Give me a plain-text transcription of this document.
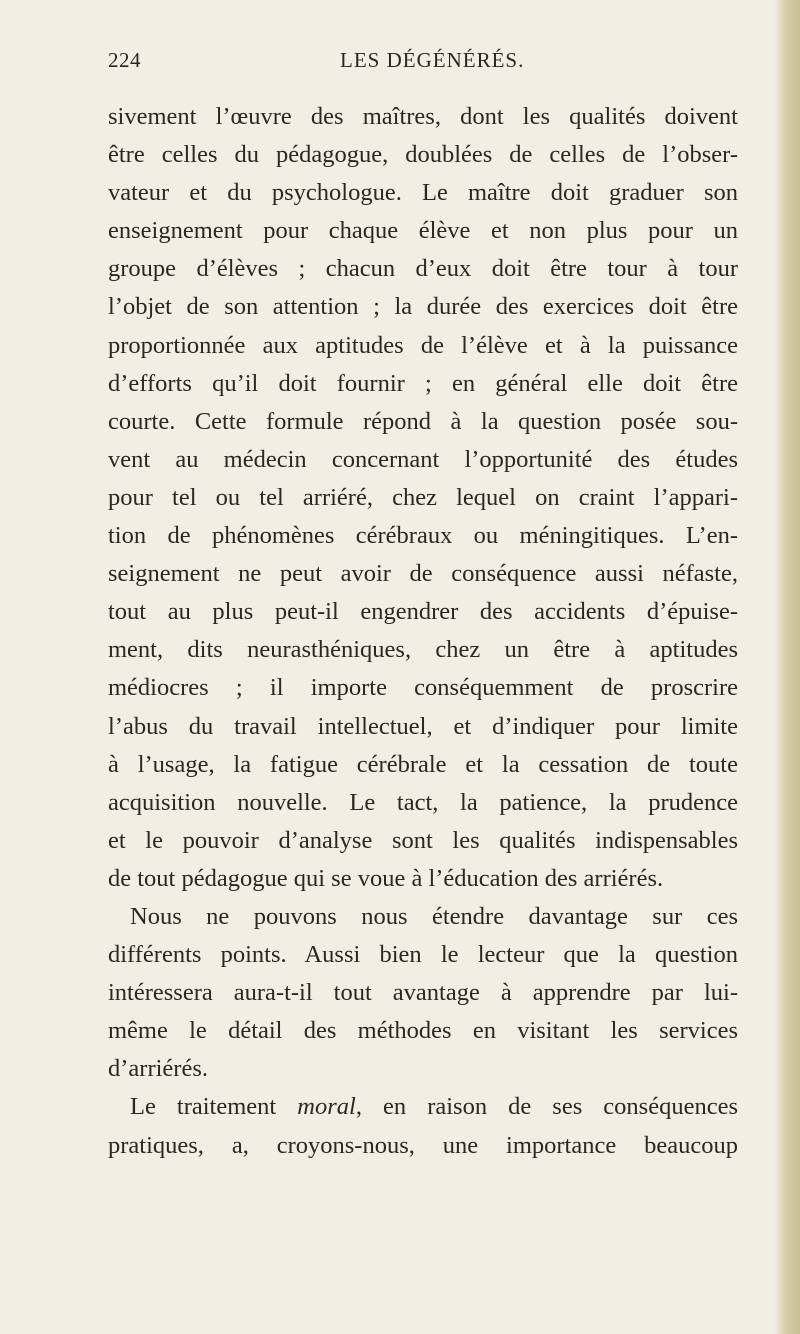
224	LES DÉGÉNÉRÉS.
sivement l’œuvre des maîtres, dont les qualités doivent
être celles du pédagogue, doublées de celles de l’obser-
vateur et du psychologue. Le maître doit graduer son
enseignement pour chaque élève et non plus pour un
groupe d’élèves ; chacun d’eux doit être tour à tour
l’objet de son attention ; la durée des exercices doit être
proportionnée aux aptitudes de l’élève et à la puissance
d’efforts qu’il doit fournir ; en général elle doit être
courte. Cette formule répond à la question posée sou-
vent au médecin concernant l’opportunité des études
pour tel ou tel arriéré, chez lequel on craint l’appari-
tion de phénomènes cérébraux ou méningitiques. L’en-
seignement ne peut avoir de conséquence aussi néfaste,
tout au plus peut-il engendrer des accidents d’épuise-
ment, dits neurasthéniques, chez un être à aptitudes
médiocres ; il importe conséquemment de proscrire
l’abus du travail intellectuel, et d’indiquer pour limite
à l’usage, la fatigue cérébrale et la cessation de toute
acquisition nouvelle. Le tact, la patience, la prudence
et le pouvoir d’analyse sont les qualités indispensables
de tout pédagogue qui se voue à l’éducation des arriérés.
Nous ne pouvons nous étendre davantage sur ces
différents points. Aussi bien le lecteur que la question
intéressera aura-t-il tout avantage à apprendre par lui-
même le détail des méthodes en visitant les services
d’arriérés.
Le traitement moral, en raison de ses conséquences
pratiques, a, croyons-nous, une importance beaucoup
